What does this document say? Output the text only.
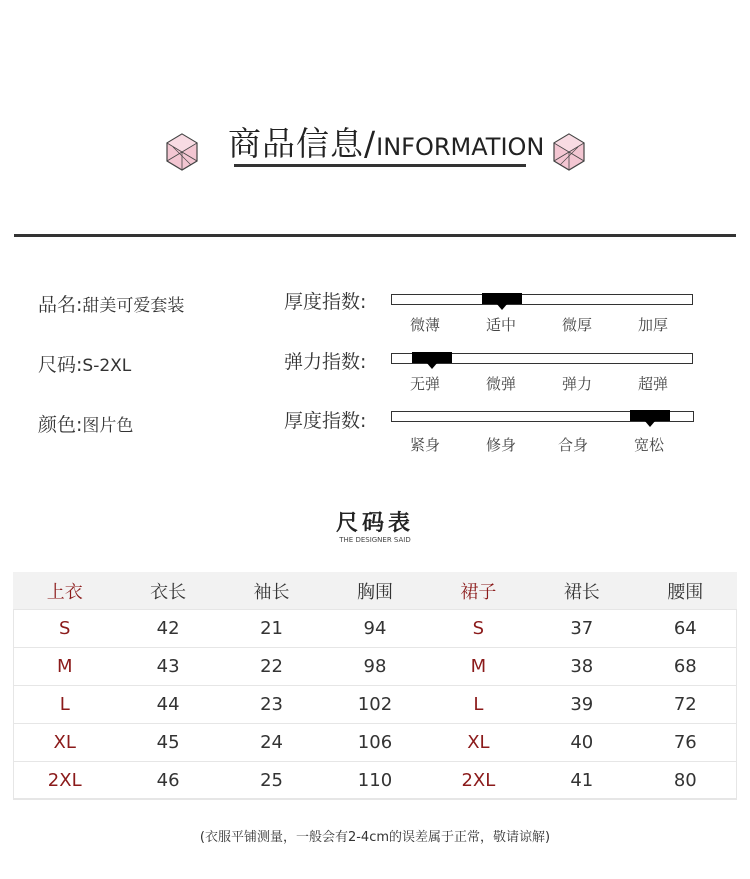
商品信息/INFORMATION
品名:甜美可爱套装
尺码:S-2XL
颜色:图片色
厚度指数:
微薄	适中	微厚	加厚
弹力指数:
无弹	微弹	弹力	超弹
厚度指数:
紧身	修身	合身	宽松
尺码表
THE DESIGNER SAID
上衣	衣长	袖长	胸围	裙子	裙长	腰围
S	42	21	94	S	37	64
M	43	22	98	M	38	68
L	44	23	102	L	39	72
XL	45	24	106	XL	40	76
2XL	46	25	110	2XL	41	80
(衣服平铺测量，一般会有2-4cm的误差属于正常，敬请谅解)
